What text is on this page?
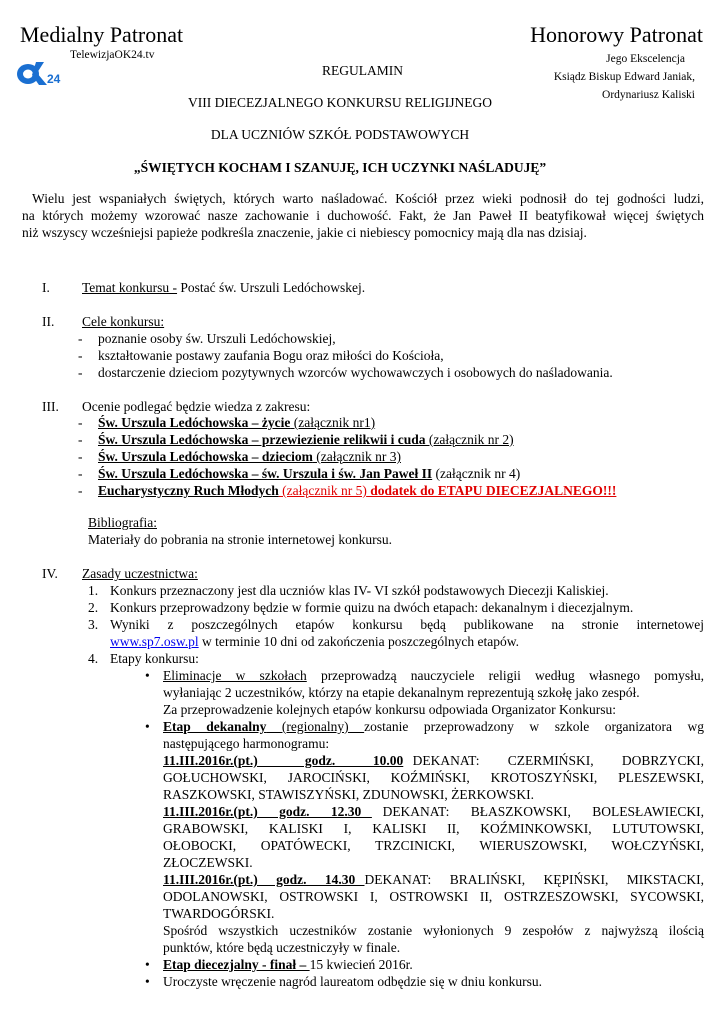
Medialny Patronat
TelewizjaOK24.tv
24
Honorowy Patronat
Jego Ekscelencja
Ksiądz Biskup Edward Janiak,
Ordynariusz Kaliski
REGULAMIN
VIII DIECEZJALNEGO KONKURSU RELIGIJNEGO
DLA UCZNIÓW SZKÓŁ PODSTAWOWYCH
„ŚWIĘTYCH KOCHAM I SZANUJĘ, ICH UCZYNKI NAŚLADUJĘ”
Wielu jest wspaniałych świętych, których warto naśladować. Kościół przez wieki podnosił do tej godności ludzi,
na których możemy wzorować nasze zachowanie i duchowość. Fakt, że Jan Paweł II beatyfikował więcej świętych
niż wszyscy wcześniejsi papieże podkreśla znaczenie, jakie ci niebiescy pomocnicy mają dla nas dzisiaj.
I. Temat konkursu - Postać św. Urszuli Ledóchowskej.
II. Cele konkursu:
- poznanie osoby św. Urszuli Ledóchowskiej,
- kształtowanie postawy zaufania Bogu oraz miłości do Kościoła,
- dostarczenie dzieciom pozytywnych wzorców wychowawczych i osobowych do naśladowania.
III. Ocenie podlegać będzie wiedza z zakresu:
- Św. Urszula Ledóchowska – życie (załącznik nr1)
- Św. Urszula Ledóchowska – przewiezienie relikwii i cuda (załącznik nr 2)
- Św. Urszula Ledóchowska – dzieciom (załącznik nr 3)
- Św. Urszula Ledóchowska – św. Urszula i św. Jan Paweł II (załącznik nr 4)
- Eucharystyczny Ruch Młodych (załącznik nr 5) dodatek do ETAPU DIECEZJALNEGO!!!
Bibliografia:
Materiały do pobrania na stronie internetowej konkursu.
IV. Zasady uczestnictwa:
1. Konkurs przeznaczony jest dla uczniów klas IV- VI szkół podstawowych Diecezji Kaliskiej.
2. Konkurs przeprowadzony będzie w formie quizu na dwóch etapach: dekanalnym i diecezjalnym.
3. Wyniki z poszczególnych etapów konkursu będą publikowane na stronie internetowej
www.sp7.osw.pl w terminie 10 dni od zakończenia poszczególnych etapów.
4. Etapy konkursu:
• Eliminacje w szkołach przeprowadzą nauczyciele religii według własnego pomysłu,
wyłaniając 2 uczestników, którzy na etapie dekanalnym reprezentują szkołę jako zespół.
Za przeprowadzenie kolejnych etapów konkursu odpowiada Organizator Konkursu:
• Etap dekanalny (regionalny) zostanie przeprowadzony w szkole organizatora wg
następującego harmonogramu:
11.III.2016r.(pt.)     godz.    10.00 DEKANAT:   CZERMIŃSKI,   DOBRZYCKI,
GOŁUCHOWSKI, JAROCIŃSKI, KOŹMIŃSKI, KROTOSZYŃSKI, PLESZEWSKI,
RASZKOWSKI, STAWISZYŃSKI, ZDUNOWSKI, ŻERKOWSKI.
11.III.2016r.(pt.)  godz.  12.30  DEKANAT:  BŁASZKOWSKI,  BOLESŁAWIECKI,
GRABOWSKI, KALISKI I, KALISKI II, KOŹMINKOWSKI, LUTUTOWSKI,
OŁOBOCKI, OPATÓWECKI, TRZCINICKI, WIERUSZOWSKI, WOŁCZYŃSKI,
ZŁOCZEWSKI.
11.III.2016r.(pt.)  godz.  14.30 DEKANAT:  BRALIŃSKI,  KĘPIŃSKI,  MIKSTACKI,
ODOLANOWSKI, OSTROWSKI I, OSTROWSKI II, OSTRZESZOWSKI, SYCOWSKI,
TWARDOGÓRSKI.
Spośród wszystkich uczestników zostanie wyłonionych 9 zespołów z najwyższą ilością
punktów, które będą uczestniczyły w finale.
• Etap diecezjalny - finał – 15 kwiecień 2016r.
• Uroczyste wręczenie nagród laureatom odbędzie się w dniu konkursu.
